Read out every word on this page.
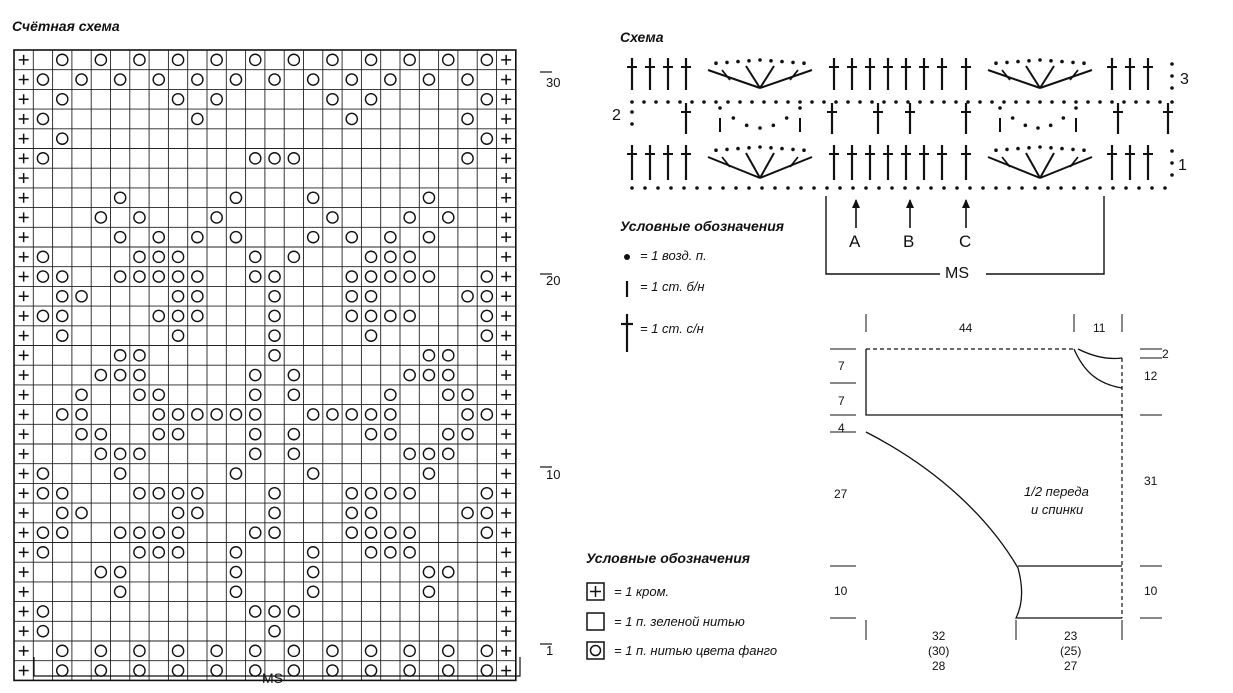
Счётная схема
30
20
10
1
MS
Условные обозначения
= 1 кром.
= 1 п. зеленой нитью
= 1 п. нитью цвета фанго
Схема
3
2
1
A	B	C
MS
Условные обозначения
= 1 возд. п.
= 1 ст. б/н
= 1 ст. с/н
1/2 переда
и спинки
44	11
7
7
4
27
10
2
12
31
10
32
(30)
28
23
(25)
27
